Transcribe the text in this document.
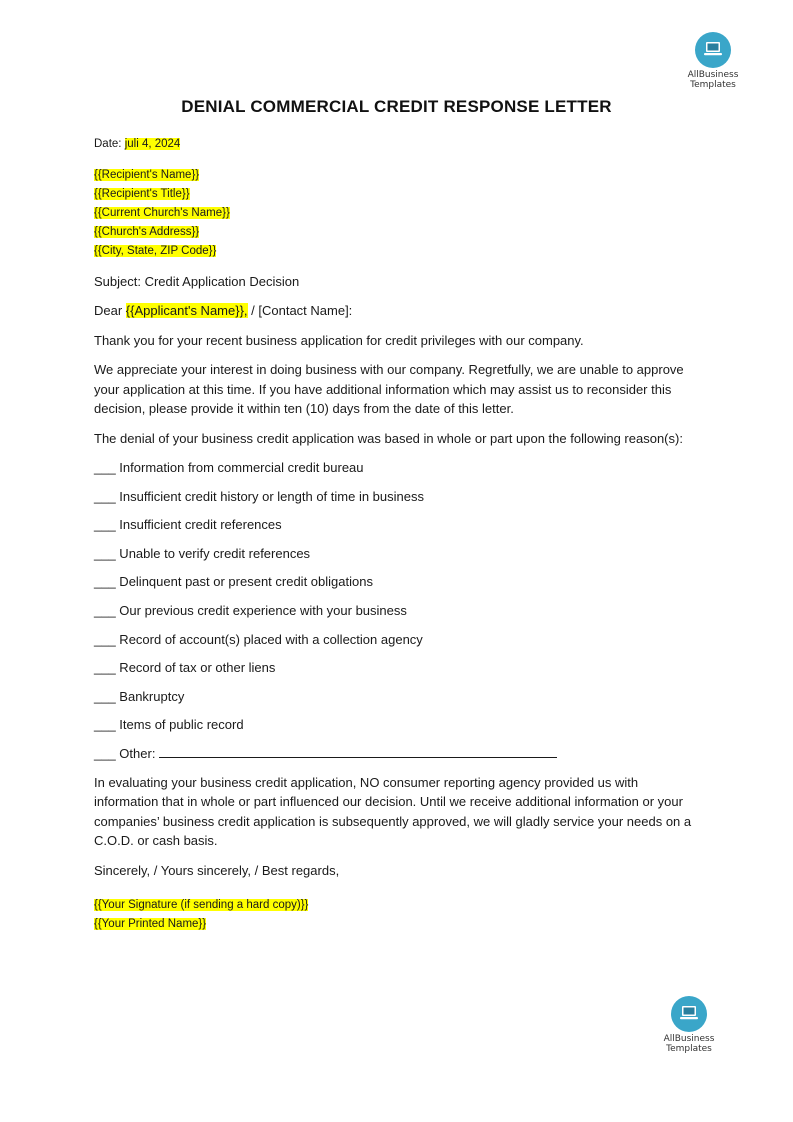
AllBusiness
Templates
DENIAL COMMERCIAL CREDIT RESPONSE LETTER

Date: juli 4, 2024

{{Recipient's Name}}
{{Recipient's Title}}
{{Current Church's Name}}
{{Church's Address}}
{{City, State, ZIP Code}}

Subject: Credit Application Decision

Dear {{Applicant's Name}}, / [Contact Name]:

Thank you for your recent business application for credit privileges with our company.

We appreciate your interest in doing business with our company. Regretfully, we are unable to approve your application at this time. If you have additional information which may assist us to reconsider this decision, please provide it within ten (10) days from the date of this letter.

The denial of your business credit application was based in whole or part upon the following reason(s):

___ Information from commercial credit bureau
___ Insufficient credit history or length of time in business
___ Insufficient credit references
___ Unable to verify credit references
___ Delinquent past or present credit obligations
___ Our previous credit experience with your business
___ Record of account(s) placed with a collection agency
___ Record of tax or other liens
___ Bankruptcy
___ Items of public record
___ Other:

In evaluating your business credit application, NO consumer reporting agency provided us with information that in whole or part influenced our decision. Until we receive additional information or your companies’ business credit application is subsequently approved, we will gladly service your needs on a C.O.D. or cash basis.

Sincerely, / Yours sincerely, / Best regards,

{{Your Signature (if sending a hard copy)}}
{{Your Printed Name}}
AllBusiness
Templates
